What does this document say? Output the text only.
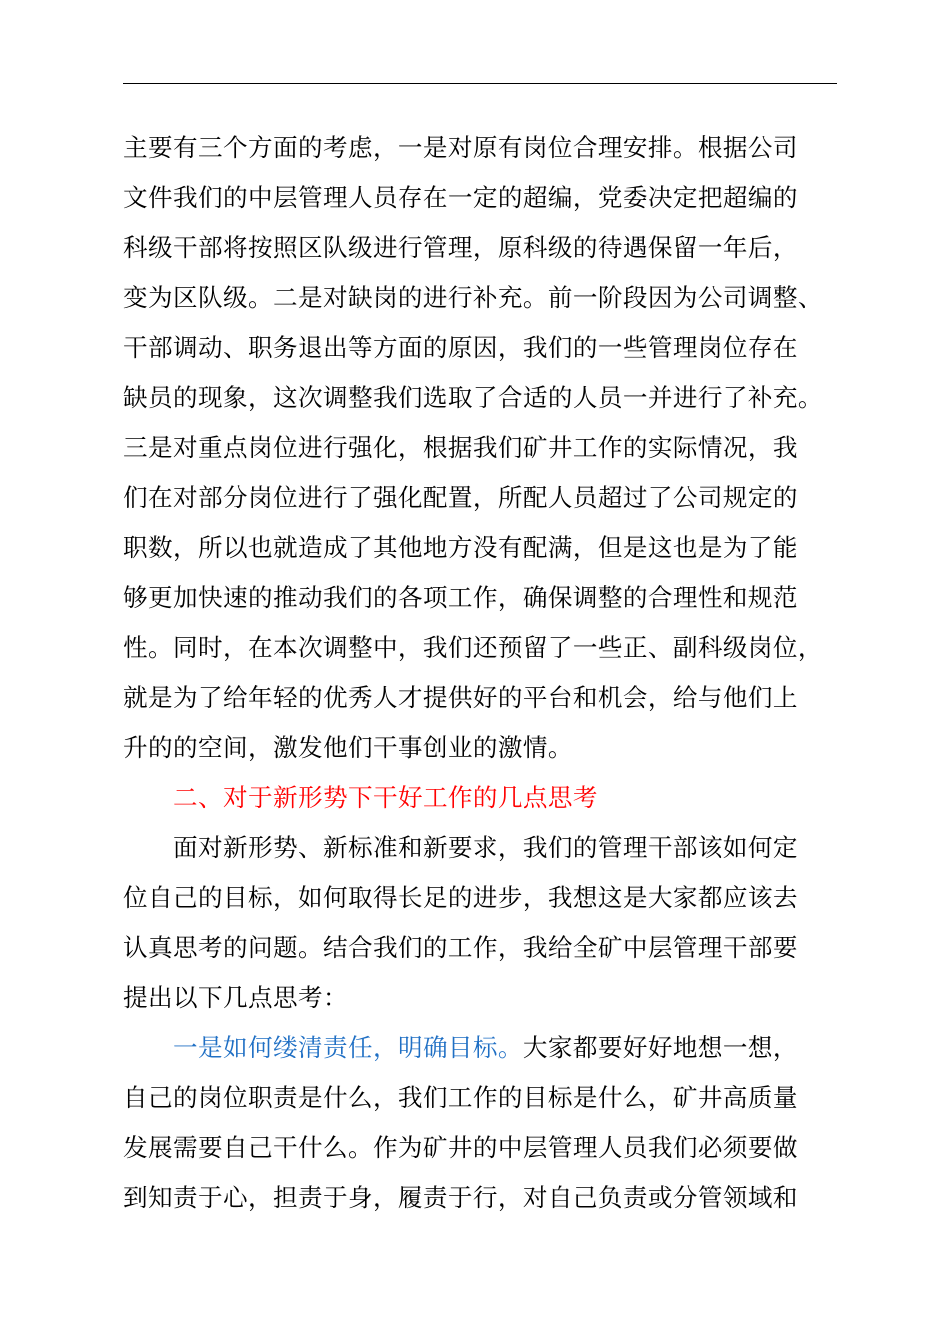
主要有三个方面的考虑，一是对原有岗位合理安排。根据公司
文件我们的中层管理人员存在一定的超编，党委决定把超编的
科级干部将按照区队级进行管理，原科级的待遇保留一年后，
变为区队级。二是对缺岗的进行补充。前一阶段因为公司调整、
干部调动、职务退出等方面的原因，我们的一些管理岗位存在
缺员的现象，这次调整我们选取了合适的人员一并进行了补充。
三是对重点岗位进行强化，根据我们矿井工作的实际情况，我
们在对部分岗位进行了强化配置，所配人员超过了公司规定的
职数，所以也就造成了其他地方没有配满，但是这也是为了能
够更加快速的推动我们的各项工作，确保调整的合理性和规范
性。同时，在本次调整中，我们还预留了一些正、副科级岗位，
就是为了给年轻的优秀人才提供好的平台和机会，给与他们上
升的的空间，激发他们干事创业的激情。
二、对于新形势下干好工作的几点思考
面对新形势、新标准和新要求，我们的管理干部该如何定
位自己的目标，如何取得长足的进步，我想这是大家都应该去
认真思考的问题。结合我们的工作，我给全矿中层管理干部要
提出以下几点思考：
一是如何缕清责任，明确目标。大家都要好好地想一想，
自己的岗位职责是什么，我们工作的目标是什么，矿井高质量
发展需要自己干什么。作为矿井的中层管理人员我们必须要做
到知责于心，担责于身，履责于行，对自己负责或分管领域和
